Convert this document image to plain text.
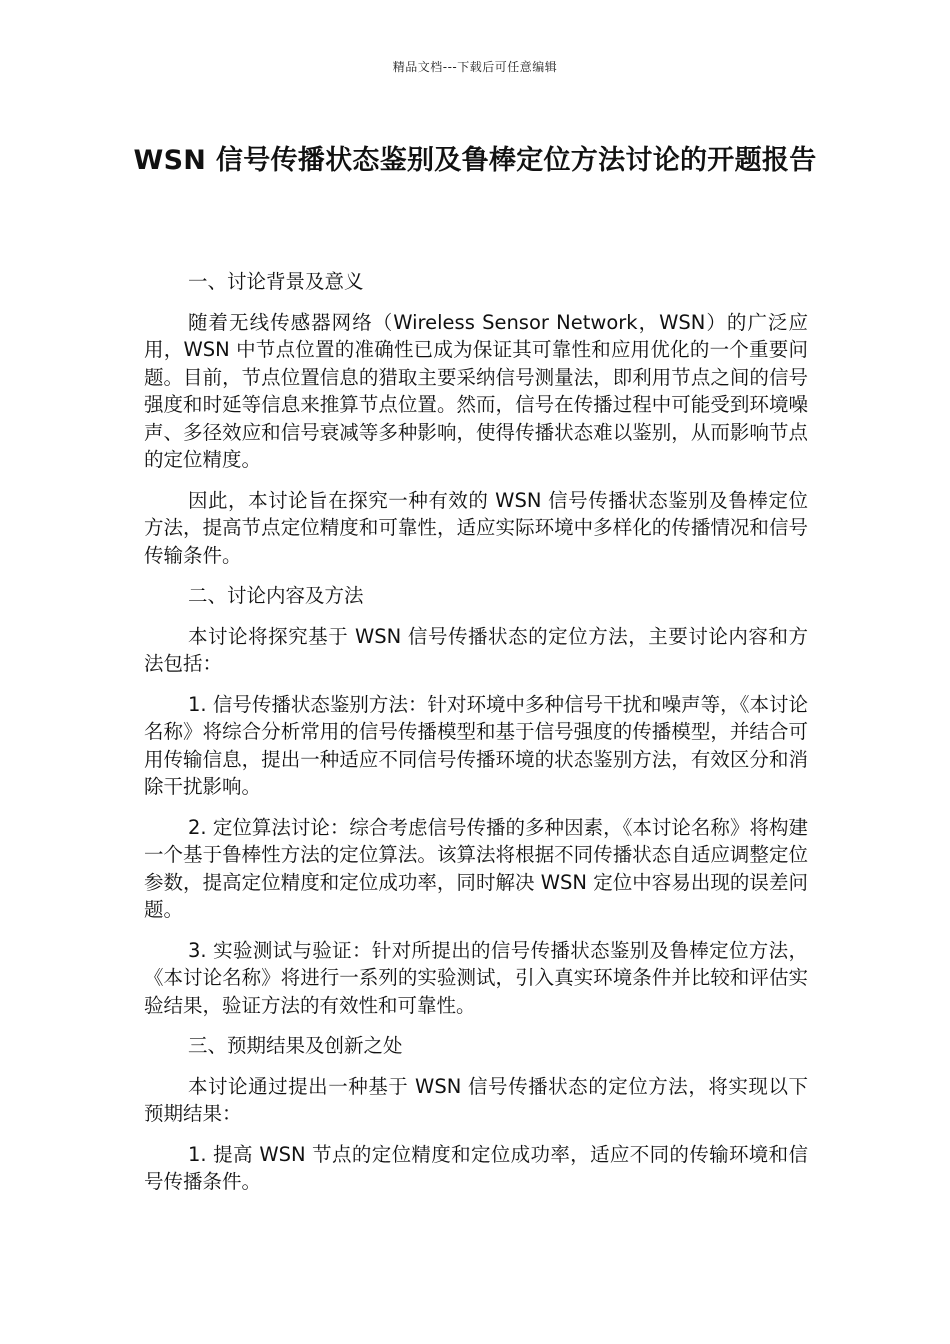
精品文档---下载后可任意编辑
WSN 信号传播状态鉴别及鲁棒定位方法讨论的开题报告

一、讨论背景及意义

随着无线传感器网络（Wireless Sensor Network，WSN）的广泛应用，WSN 中节点位置的准确性已成为保证其可靠性和应用优化的一个重要问题。目前，节点位置信息的猎取主要采纳信号测量法，即利用节点之间的信号强度和时延等信息来推算节点位置。然而，信号在传播过程中可能受到环境噪声、多径效应和信号衰减等多种影响，使得传播状态难以鉴别，从而影响节点的定位精度。

因此，本讨论旨在探究一种有效的 WSN 信号传播状态鉴别及鲁棒定位方法，提高节点定位精度和可靠性，适应实际环境中多样化的传播情况和信号传输条件。

二、讨论内容及方法

本讨论将探究基于 WSN 信号传播状态的定位方法，主要讨论内容和方法包括：

1. 信号传播状态鉴别方法：针对环境中多种信号干扰和噪声等，《本讨论名称》将综合分析常用的信号传播模型和基于信号强度的传播模型，并结合可用传输信息，提出一种适应不同信号传播环境的状态鉴别方法，有效区分和消除干扰影响。

2. 定位算法讨论：综合考虑信号传播的多种因素，《本讨论名称》将构建一个基于鲁棒性方法的定位算法。该算法将根据不同传播状态自适应调整定位参数，提高定位精度和定位成功率，同时解决 WSN 定位中容易出现的误差问题。

3. 实验测试与验证：针对所提出的信号传播状态鉴别及鲁棒定位方法，《本讨论名称》将进行一系列的实验测试，引入真实环境条件并比较和评估实验结果，验证方法的有效性和可靠性。

三、预期结果及创新之处

本讨论通过提出一种基于 WSN 信号传播状态的定位方法，将实现以下预期结果：

1. 提高 WSN 节点的定位精度和定位成功率，适应不同的传输环境和信号传播条件。
